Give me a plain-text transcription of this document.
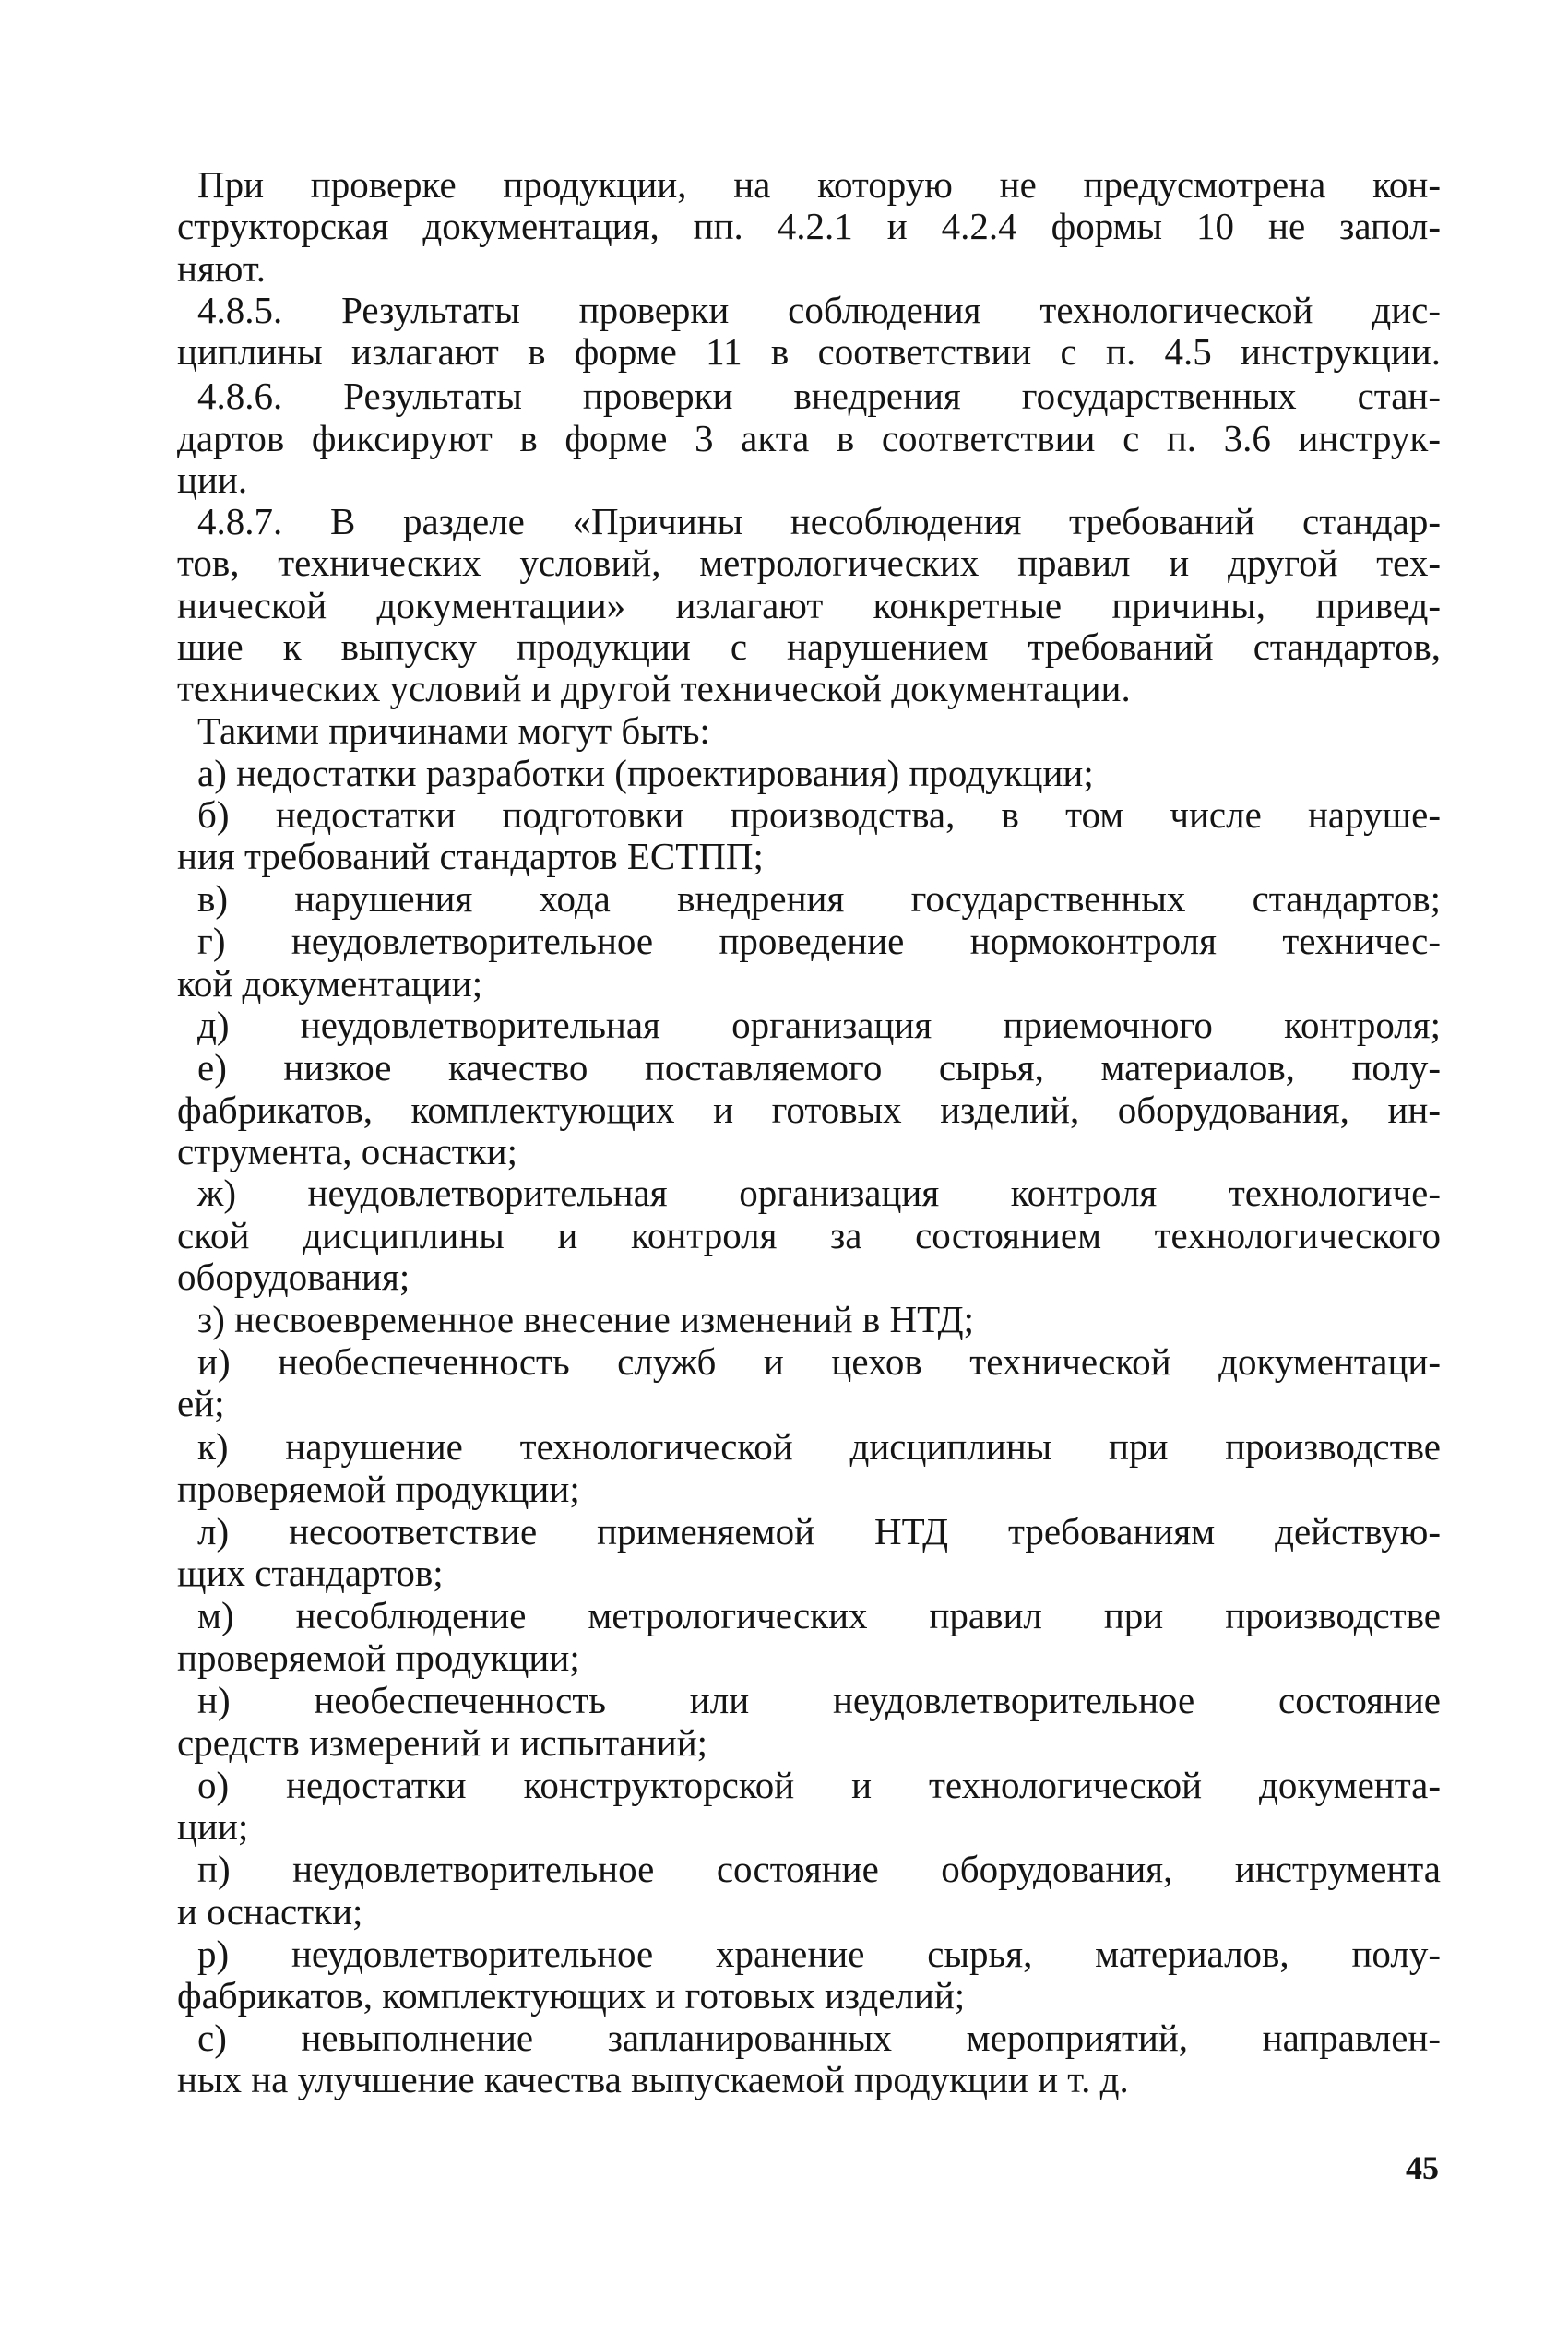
При проверке продукции, на которую не предусмотрена кон-
структорская документация, пп. 4.2.1 и 4.2.4 формы 10 не запол-
няют.
4.8.5. Результаты проверки соблюдения технологической дис-
циплины излагают в форме 11 в соответствии с п. 4.5 инструкции.
4.8.6. Результаты проверки внедрения государственных стан-
дартов фиксируют в форме 3 акта в соответствии с п. 3.6 инструк-
ции.
4.8.7. В разделе «Причины несоблюдения требований стандар-
тов, технических условий, метрологических правил и другой тех-
нической документации» излагают конкретные причины, привед-
шие к выпуску продукции с нарушением требований стандартов,
технических условий и другой технической документации.
Такими причинами могут быть:
а) недостатки разработки (проектирования) продукции;
б) недостатки подготовки производства, в том числе наруше-
ния требований стандартов ЕСТПП;
в) нарушения хода внедрения государственных стандартов;
г) неудовлетворительное проведение нормоконтроля техничес-
кой документации;
д) неудовлетворительная организация приемочного контроля;
е) низкое качество поставляемого сырья, материалов, полу-
фабрикатов, комплектующих и готовых изделий, оборудования, ин-
струмента, оснастки;
ж) неудовлетворительная организация контроля технологиче-
ской дисциплины и контроля за состоянием технологического
оборудования;
з) несвоевременное внесение изменений в НТД;
и) необеспеченность служб и цехов технической документаци-
ей;
к) нарушение технологической дисциплины при производстве
проверяемой продукции;
л) несоответствие применяемой НТД требованиям действую-
щих стандартов;
м) несоблюдение метрологических правил при производстве
проверяемой продукции;
н) необеспеченность или неудовлетворительное состояние
средств измерений и испытаний;
о) недостатки конструкторской и технологической документа-
ции;
п) неудовлетворительное состояние оборудования, инструмента
и оснастки;
р) неудовлетворительное хранение сырья, материалов, полу-
фабрикатов, комплектующих и готовых изделий;
с) невыполнение запланированных мероприятий, направлен-
ных на улучшение качества выпускаемой продукции и т. д.
45
